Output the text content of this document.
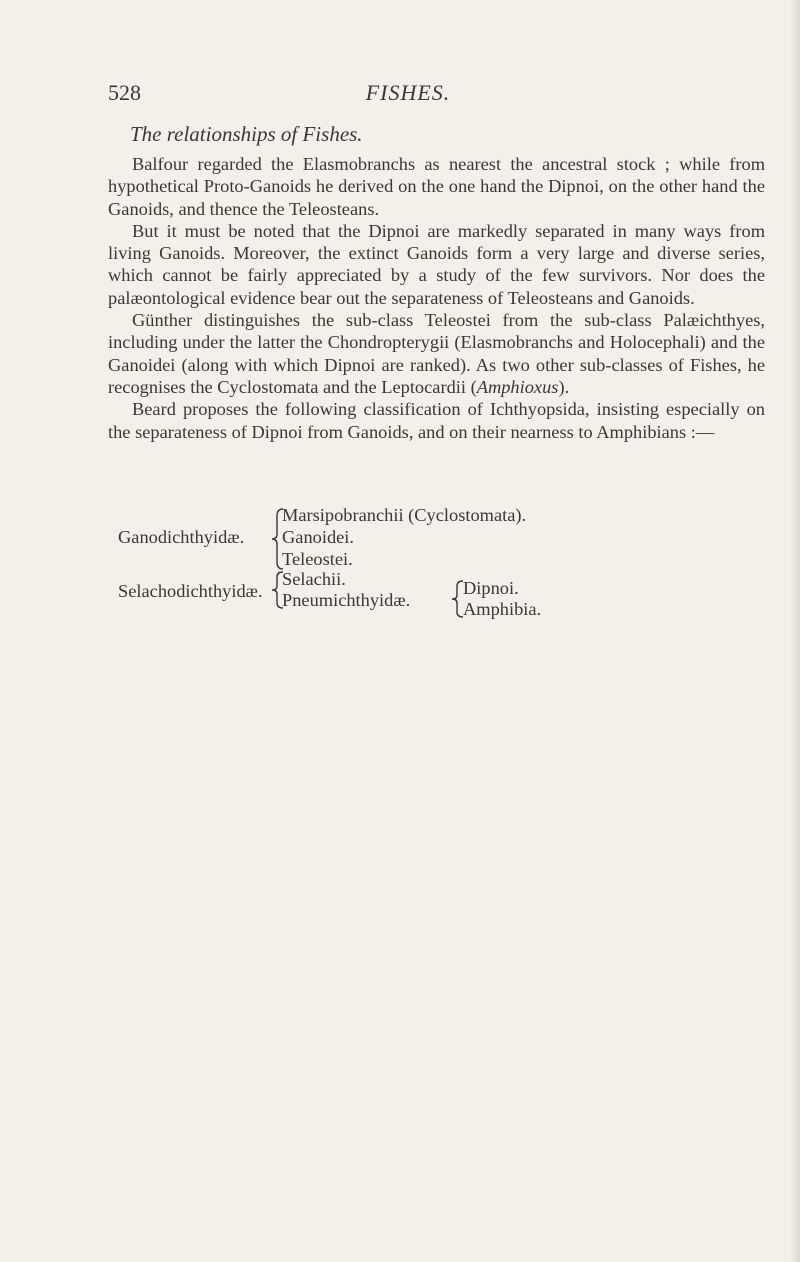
528	FISHES.
The relationships of Fishes.

Balfour regarded the Elasmobranchs as nearest the ancestral stock ; while from hypothetical Proto-Ganoids he derived on the one hand the Dipnoi, on the other hand the Ganoids, and thence the Teleosteans.

But it must be noted that the Dipnoi are markedly separated in many ways from living Ganoids. Moreover, the extinct Ganoids form a very large and diverse series, which cannot be fairly appreciated by a study of the few survivors. Nor does the palæontological evidence bear out the separateness of Teleosteans and Ganoids.

Günther distinguishes the sub-class Teleostei from the sub-class Palæichthyes, including under the latter the Chondropterygii (Elasmobranchs and Holocephali) and the Ganoidei (along with which Dipnoi are ranked). As two other sub-classes of Fishes, he recognises the Cyclostomata and the Leptocardii (Amphioxus).

Beard proposes the following classification of Ichthyopsida, insisting especially on the separateness of Dipnoi from Ganoids, and on their nearness to Amphibians :—

Ganodichthyidæ.
Marsipobranchii (Cyclostomata).
Ganoidei.
Teleostei.
Selachodichthyidæ.
Selachii.
Pneumichthyidæ.
Dipnoi.
Amphibia.
